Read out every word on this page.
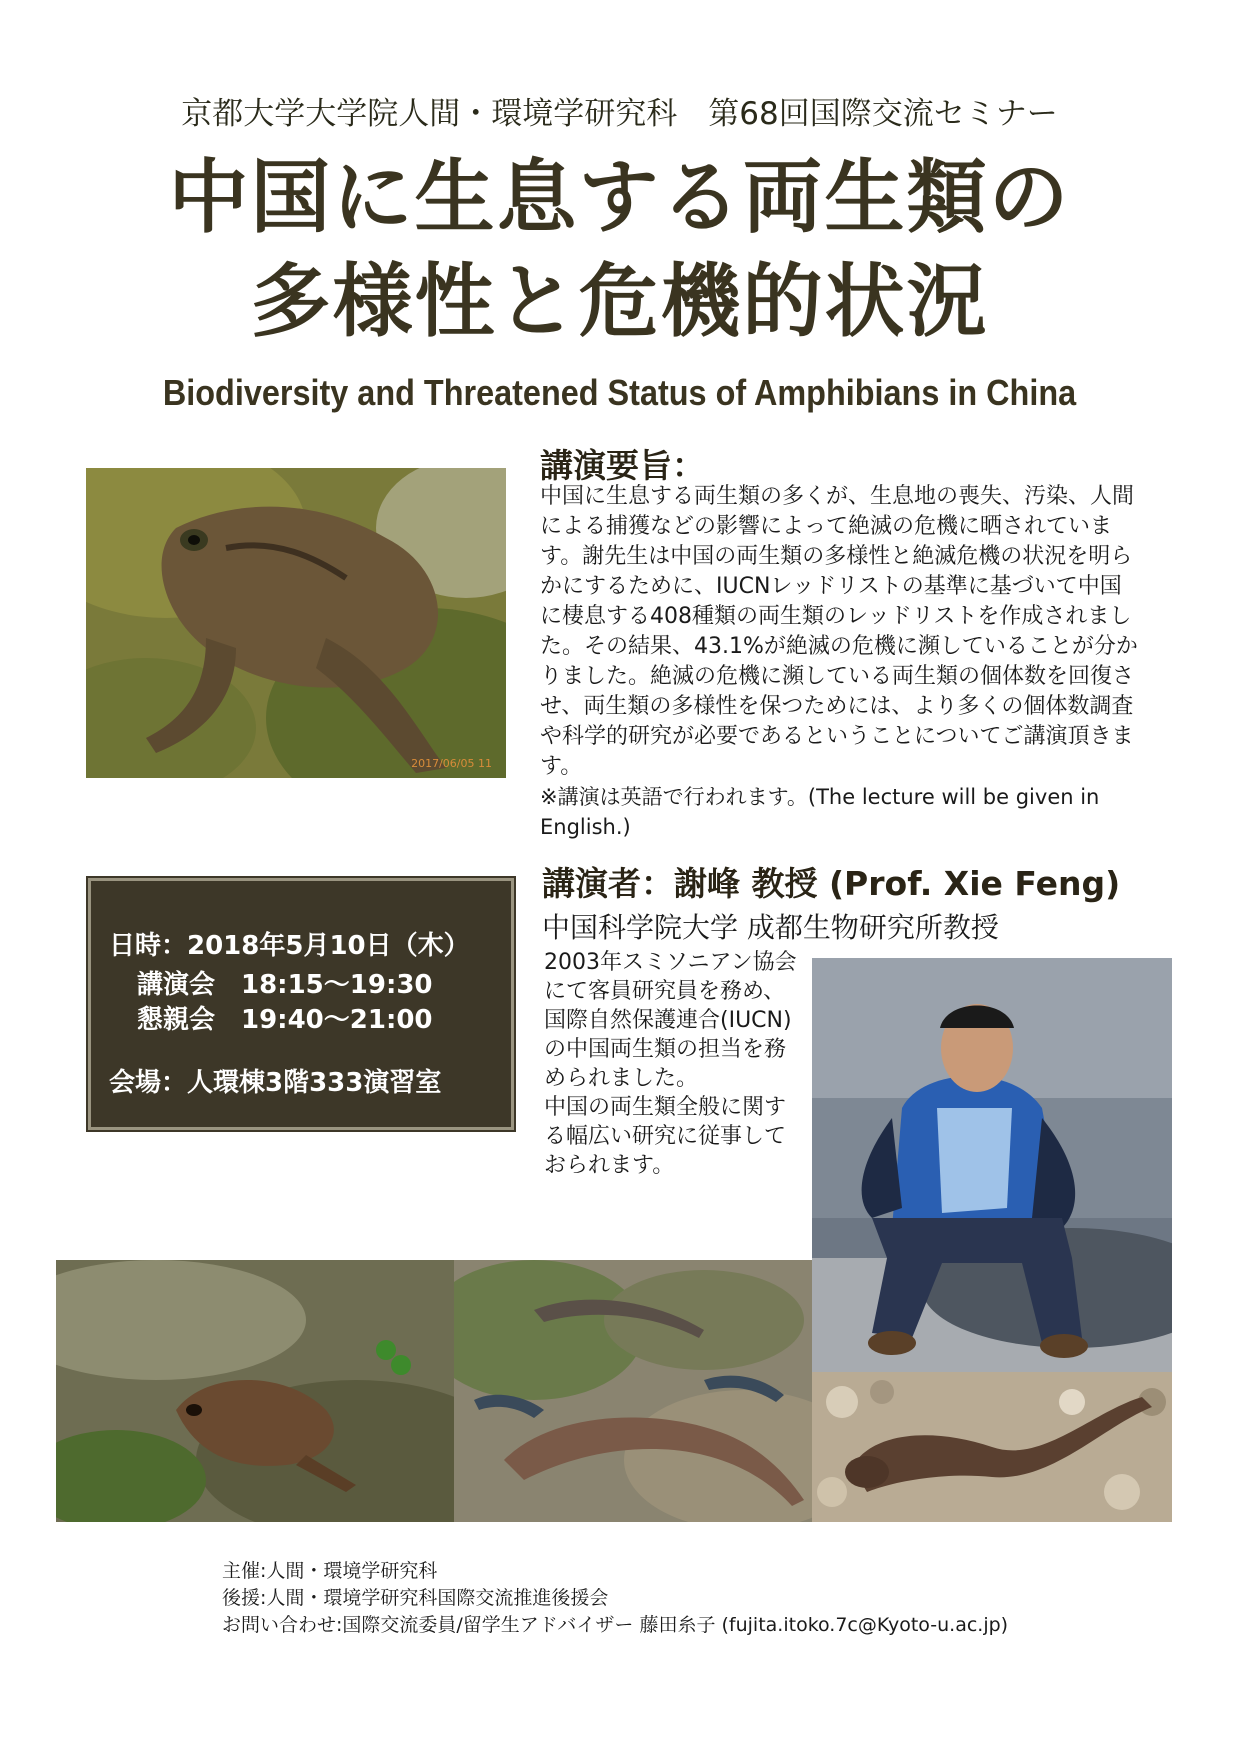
京都大学大学院人間・環境学研究科　第68回国際交流セミナー
中国に生息する両生類の
多様性と危機的状況
Biodiversity and Threatened Status of Amphibians in China
2017/06/05 11
講演要旨：
中国に生息する両生類の多くが、生息地の喪失、汚染、人間による捕獲などの影響によって絶滅の危機に晒されています。謝先生は中国の両生類の多様性と絶滅危機の状況を明らかにするために、IUCNレッドリストの基準に基づいて中国に棲息する408種類の両生類のレッドリストを作成されました。その結果、43.1%が絶滅の危機に瀕していることが分かりました。絶滅の危機に瀕している両生類の個体数を回復させ、両生類の多様性を保つためには、より多くの個体数調査や科学的研究が必要であるということについてご講演頂きます。
※講演は英語で行われます。(The lecture will be given in English.)
日時：2018年5月10日（木）
講演会　18:15〜19:30
懇親会　19:40〜21:00
会場：人環棟3階333演習室
講演者：謝峰 教授 (Prof. Xie Feng)
中国科学院大学 成都生物研究所教授
2003年スミソニアン協会にて客員研究員を務め、国際自然保護連合(IUCN)の中国両生類の担当を務められました。
中国の両生類全般に関する幅広い研究に従事しておられます。
主催:人間・環境学研究科
後援:人間・環境学研究科国際交流推進後援会
お問い合わせ:国際交流委員/留学生アドバイザー 藤田糸子 (fujita.itoko.7c@Kyoto-u.ac.jp)
